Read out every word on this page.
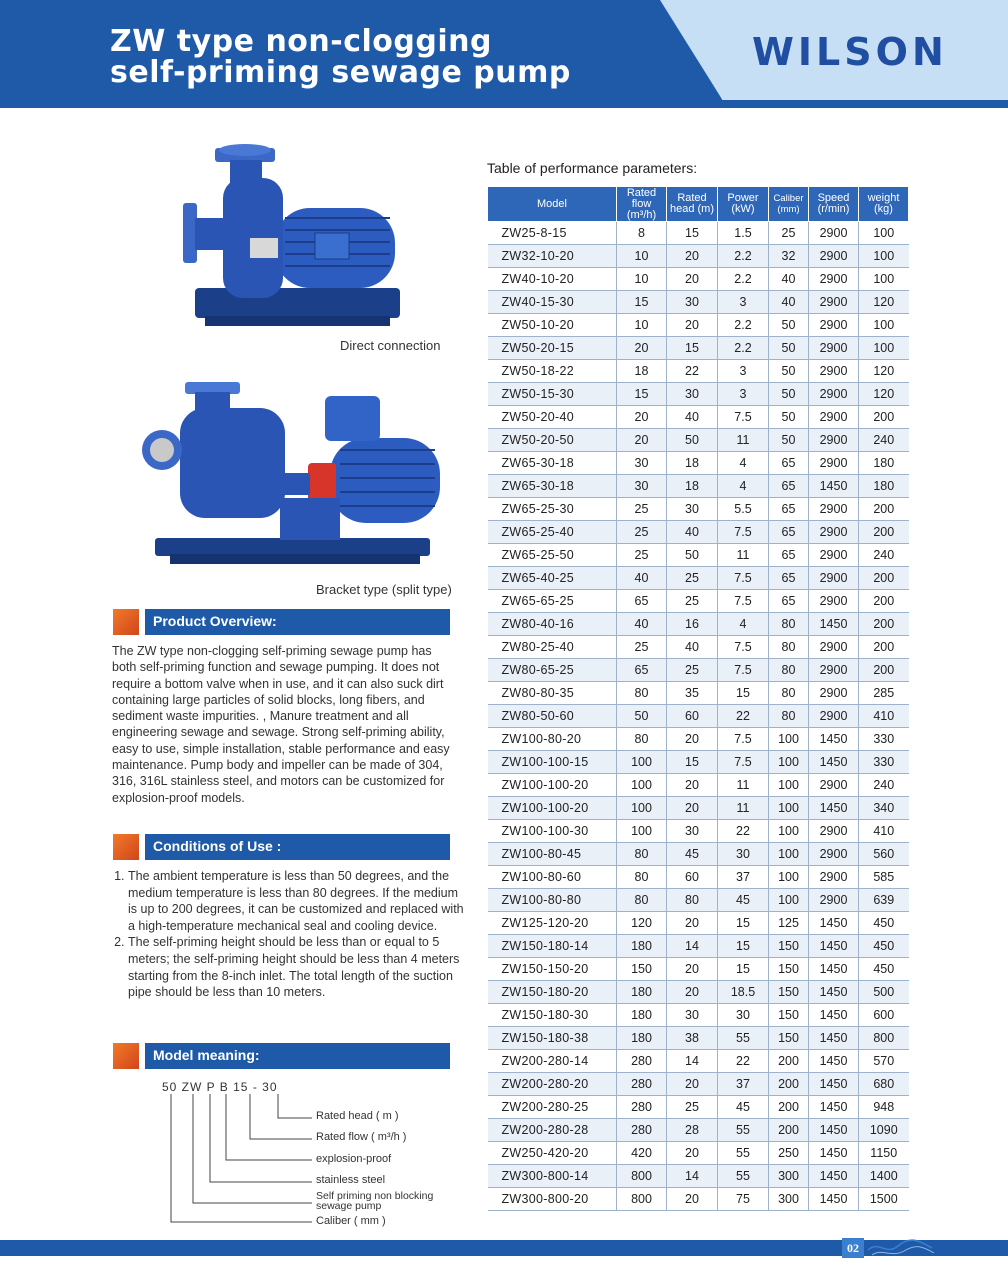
ZW type non-clogging
self-priming sewage pump	WILSON
Direct connection
Bracket type (split type)
Product Overview:
The ZW type non-clogging self-priming sewage pump has both self-priming function and sewage pumping. It does not require a bottom valve when in use, and it can also suck dirt containing large particles of solid blocks, long fibers, and sediment waste impurities. , Manure treatment and all engineering sewage and sewage. Strong self-priming ability, easy to use, simple installation, stable performance and easy maintenance. Pump body and impeller can be made of 304, 316, 316L stainless steel, and motors can be customized for explosion-proof models.
Conditions of Use :
1. The ambient temperature is less than 50 degrees, and the medium temperature is less than 80 degrees. If the medium is up to 200 degrees, it can be customized and replaced with a high-temperature mechanical seal and cooling device.
2. The self-priming height should be less than or equal to 5 meters; the self-priming height should be less than 4 meters starting from the 8-inch inlet. The total length of the suction pipe should be less than 10 meters.
Model meaning:
50 ZW P B 15 - 30
Rated head ( m )
Rated flow ( m³/h )
explosion-proof
stainless steel
Self priming non blocking sewage pump
Caliber ( mm )
Table of performance parameters:
Model	Rated flow (m³/h)	Rated head (m)	Power (kW)	Caliber (mm)	Speed (r/min)	weight (kg)
ZW25-8-15	8	15	1.5	25	2900	100
ZW32-10-20	10	20	2.2	32	2900	100
ZW40-10-20	10	20	2.2	40	2900	100
ZW40-15-30	15	30	3	40	2900	120
ZW50-10-20	10	20	2.2	50	2900	100
ZW50-20-15	20	15	2.2	50	2900	100
ZW50-18-22	18	22	3	50	2900	120
ZW50-15-30	15	30	3	50	2900	120
ZW50-20-40	20	40	7.5	50	2900	200
ZW50-20-50	20	50	11	50	2900	240
ZW65-30-18	30	18	4	65	2900	180
ZW65-30-18	30	18	4	65	1450	180
ZW65-25-30	25	30	5.5	65	2900	200
ZW65-25-40	25	40	7.5	65	2900	200
ZW65-25-50	25	50	11	65	2900	240
ZW65-40-25	40	25	7.5	65	2900	200
ZW65-65-25	65	25	7.5	65	2900	200
ZW80-40-16	40	16	4	80	1450	200
ZW80-25-40	25	40	7.5	80	2900	200
ZW80-65-25	65	25	7.5	80	2900	200
ZW80-80-35	80	35	15	80	2900	285
ZW80-50-60	50	60	22	80	2900	410
ZW100-80-20	80	20	7.5	100	1450	330
ZW100-100-15	100	15	7.5	100	1450	330
ZW100-100-20	100	20	11	100	2900	240
ZW100-100-20	100	20	11	100	1450	340
ZW100-100-30	100	30	22	100	2900	410
ZW100-80-45	80	45	30	100	2900	560
ZW100-80-60	80	60	37	100	2900	585
ZW100-80-80	80	80	45	100	2900	639
ZW125-120-20	120	20	15	125	1450	450
ZW150-180-14	180	14	15	150	1450	450
ZW150-150-20	150	20	15	150	1450	450
ZW150-180-20	180	20	18.5	150	1450	500
ZW150-180-30	180	30	30	150	1450	600
ZW150-180-38	180	38	55	150	1450	800
ZW200-280-14	280	14	22	200	1450	570
ZW200-280-20	280	20	37	200	1450	680
ZW200-280-25	280	25	45	200	1450	948
ZW200-280-28	280	28	55	200	1450	1090
ZW250-420-20	420	20	55	250	1450	1150
ZW300-800-14	800	14	55	300	1450	1400
ZW300-800-20	800	20	75	300	1450	1500
02
